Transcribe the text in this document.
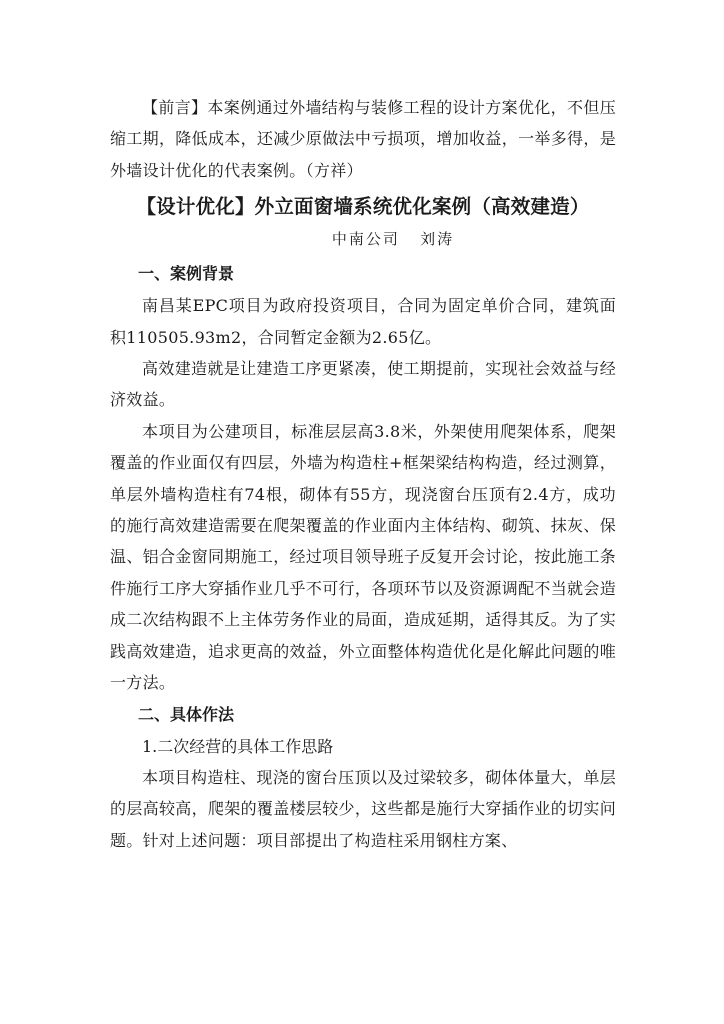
【前言】本案例通过外墙结构与装修工程的设计方案优化，不但压缩工期，降低成本，还减少原做法中亏损项，增加收益，一举多得，是外墙设计优化的代表案例。（方祥）

【设计优化】外立面窗墙系统优化案例（高效建造）
中南公司   刘涛
一、案例背景

南昌某EPC项目为政府投资项目，合同为固定单价合同，建筑面积110505.93m2，合同暂定金额为2.65亿。

高效建造就是让建造工序更紧凑，使工期提前，实现社会效益与经济效益。

本项目为公建项目，标准层层高3.8米，外架使用爬架体系，爬架覆盖的作业面仅有四层，外墙为构造柱+框架梁结构构造，经过测算，单层外墙构造柱有74根，砌体有55方，现浇窗台压顶有2.4方，成功的施行高效建造需要在爬架覆盖的作业面内主体结构、砌筑、抹灰、保温、铝合金窗同期施工，经过项目领导班子反复开会讨论，按此施工条件施行工序大穿插作业几乎不可行，各项环节以及资源调配不当就会造成二次结构跟不上主体劳务作业的局面，造成延期，适得其反。为了实践高效建造，追求更高的效益，外立面整体构造优化是化解此问题的唯一方法。

二、具体作法
1.二次经营的具体工作思路

本项目构造柱、现浇的窗台压顶以及过梁较多，砌体体量大，单层的层高较高，爬架的覆盖楼层较少，这些都是施行大穿插作业的切实问题。针对上述问题：项目部提出了构造柱采用钢柱方案、
